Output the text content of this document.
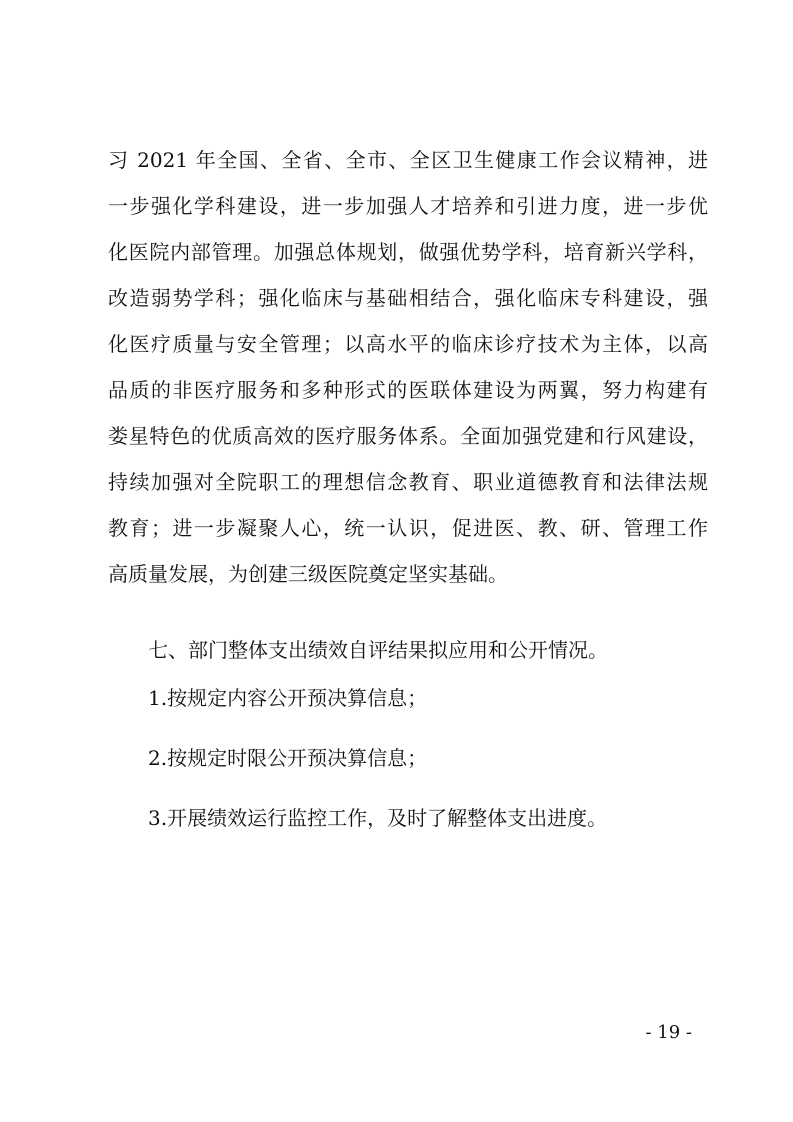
习 2021 年全国、全省、全市、全区卫生健康工作会议精神，进
一步强化学科建设，进一步加强人才培养和引进力度，进一步优
化医院内部管理。加强总体规划，做强优势学科，培育新兴学科，
改造弱势学科；强化临床与基础相结合，强化临床专科建设，强
化医疗质量与安全管理；以高水平的临床诊疗技术为主体，以高
品质的非医疗服务和多种形式的医联体建设为两翼，努力构建有
娄星特色的优质高效的医疗服务体系。全面加强党建和行风建设，
持续加强对全院职工的理想信念教育、职业道德教育和法律法规
教育；进一步凝聚人心，统一认识，促进医、教、研、管理工作
高质量发展，为创建三级医院奠定坚实基础。
七、部门整体支出绩效自评结果拟应用和公开情况。
1.按规定内容公开预决算信息；
2.按规定时限公开预决算信息；
3.开展绩效运行监控工作，及时了解整体支出进度。
- 19 -
